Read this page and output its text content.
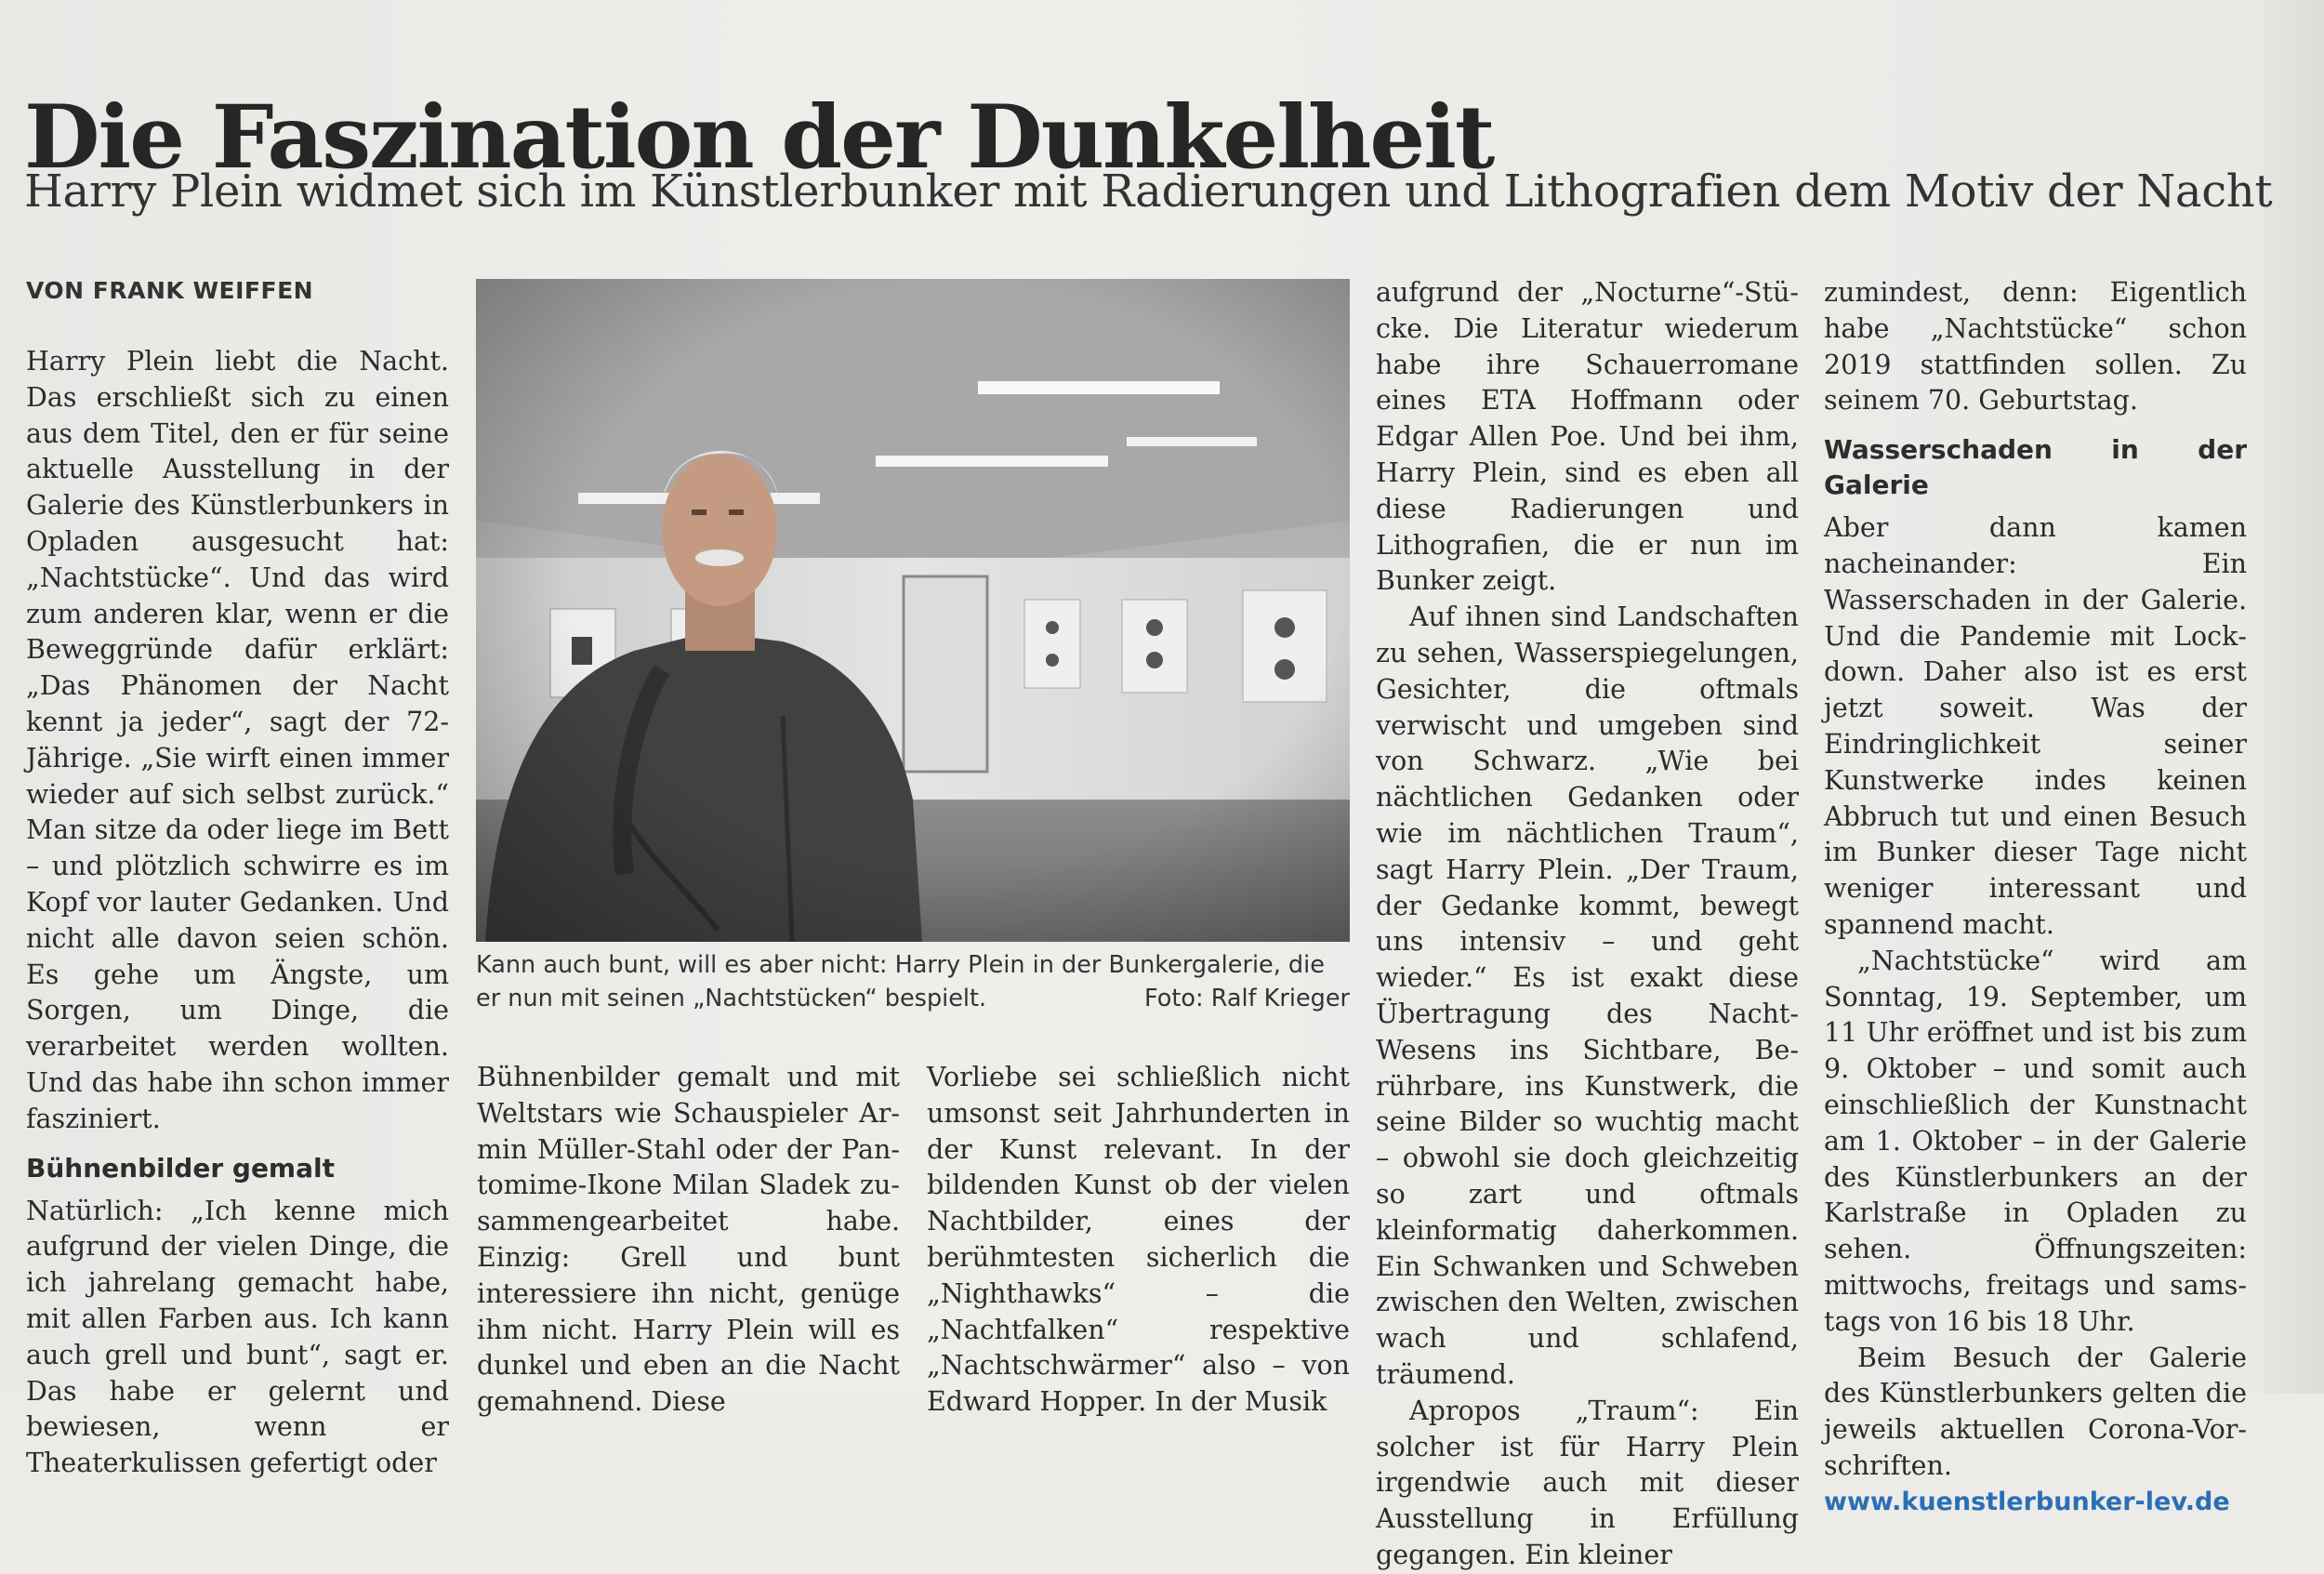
Die Faszination der Dunkelheit
Harry Plein widmet sich im Künstlerbunker mit Radierungen und Lithografien dem Motiv der Nacht
VON FRANK WEIFFEN

Harry Plein liebt die Nacht. Das erschließt sich zu einen aus dem Titel, den er für seine aktuelle Ausstellung in der Galerie des Künstlerbunkers in Opladen ausgesucht hat: „Nachtstücke“. Und das wird zum anderen klar, wenn er die Beweggründe dafür erklärt: „Das Phänomen der Nacht kennt ja jeder“, sagt der 72-Jährige. „Sie wirft einen immer wieder auf sich selbst zurück.“ Man sitze da oder liege im Bett – und plötzlich schwirre es im Kopf vor lauter Gedanken. Und nicht alle davon seien schön. Es gehe um Ängste, um Sorgen, um Dinge, die verarbeitet werden wollten. Und das habe ihn schon immer fasziniert.

Bühnenbilder gemalt

Natürlich: „Ich kenne mich aufgrund der vielen Dinge, die ich jahrelang gemacht habe, mit allen Farben aus. Ich kann auch grell und bunt“, sagt er. Das habe er gelernt und bewiesen, wenn er Theaterkulissen gefertigt oder

Kann auch bunt, will es aber nicht: Harry Plein in der Bunkergalerie, die er nun mit seinen „Nachtstücken“ bespielt.	Foto: Ralf Krieger

Bühnenbilder gemalt und mit Weltstars wie Schauspieler Armin Müller-Stahl oder der Pantomime-Ikone Milan Sladek zusammengearbeitet habe. Einzig: Grell und bunt interessiere ihn nicht, genüge ihm nicht. Harry Plein will es dunkel und eben an die Nacht gemahnend. Diese

Vorliebe sei schließlich nicht umsonst seit Jahrhunderten in der Kunst relevant. In der bildenden Kunst ob der vielen Nachtbilder, eines der berühmtesten sicherlich die „Nighthawks“ – die „Nachtfalken“ respektive „Nachtschwärmer“ also – von Edward Hopper. In der Musik

aufgrund der „Nocturne“-Stücke. Die Literatur wiederum habe ihre Schauerromane eines ETA Hoffmann oder Edgar Allen Poe. Und bei ihm, Harry Plein, sind es eben all diese Radierungen und Lithografien, die er nun im Bunker zeigt.

Auf ihnen sind Landschaften zu sehen, Wasserspiegelungen, Gesichter, die oftmals verwischt und umgeben sind von Schwarz. „Wie bei nächtlichen Gedanken oder wie im nächtlichen Traum“, sagt Harry Plein. „Der Traum, der Gedanke kommt, bewegt uns intensiv – und geht wieder.“ Es ist exakt diese Übertragung des Nacht-Wesens ins Sichtbare, Berührbare, ins Kunstwerk, die seine Bilder so wuchtig macht – obwohl sie doch gleichzeitig so zart und oftmals kleinformatig daherkommen. Ein Schwanken und Schweben zwischen den Welten, zwischen wach und schlafend, träumend.

Apropos „Traum“: Ein solcher ist für Harry Plein irgendwie auch mit dieser Ausstellung in Erfüllung gegangen. Ein kleiner

zumindest, denn: Eigentlich habe „Nachtstücke“ schon 2019 stattfinden sollen. Zu seinem 70. Geburtstag.

Wasserschaden in der Galerie

Aber dann kamen nacheinander: Ein Wasserschaden in der Galerie. Und die Pandemie mit Lockdown. Daher also ist es erst jetzt soweit. Was der Eindringlichkeit seiner Kunstwerke indes keinen Abbruch tut und einen Besuch im Bunker dieser Tage nicht weniger interessant und spannend macht.

„Nachtstücke“ wird am Sonntag, 19. September, um 11 Uhr eröffnet und ist bis zum 9. Oktober – und somit auch einschließlich der Kunstnacht am 1. Oktober – in der Galerie des Künstlerbunkers an der Karlstraße in Opladen zu sehen. Öffnungszeiten: mittwochs, freitags und samstags von 16 bis 18 Uhr.

Beim Besuch der Galerie des Künstlerbunkers gelten die jeweils aktuellen Corona-Vorschriften.

www.kuenstlerbunker-lev.de
